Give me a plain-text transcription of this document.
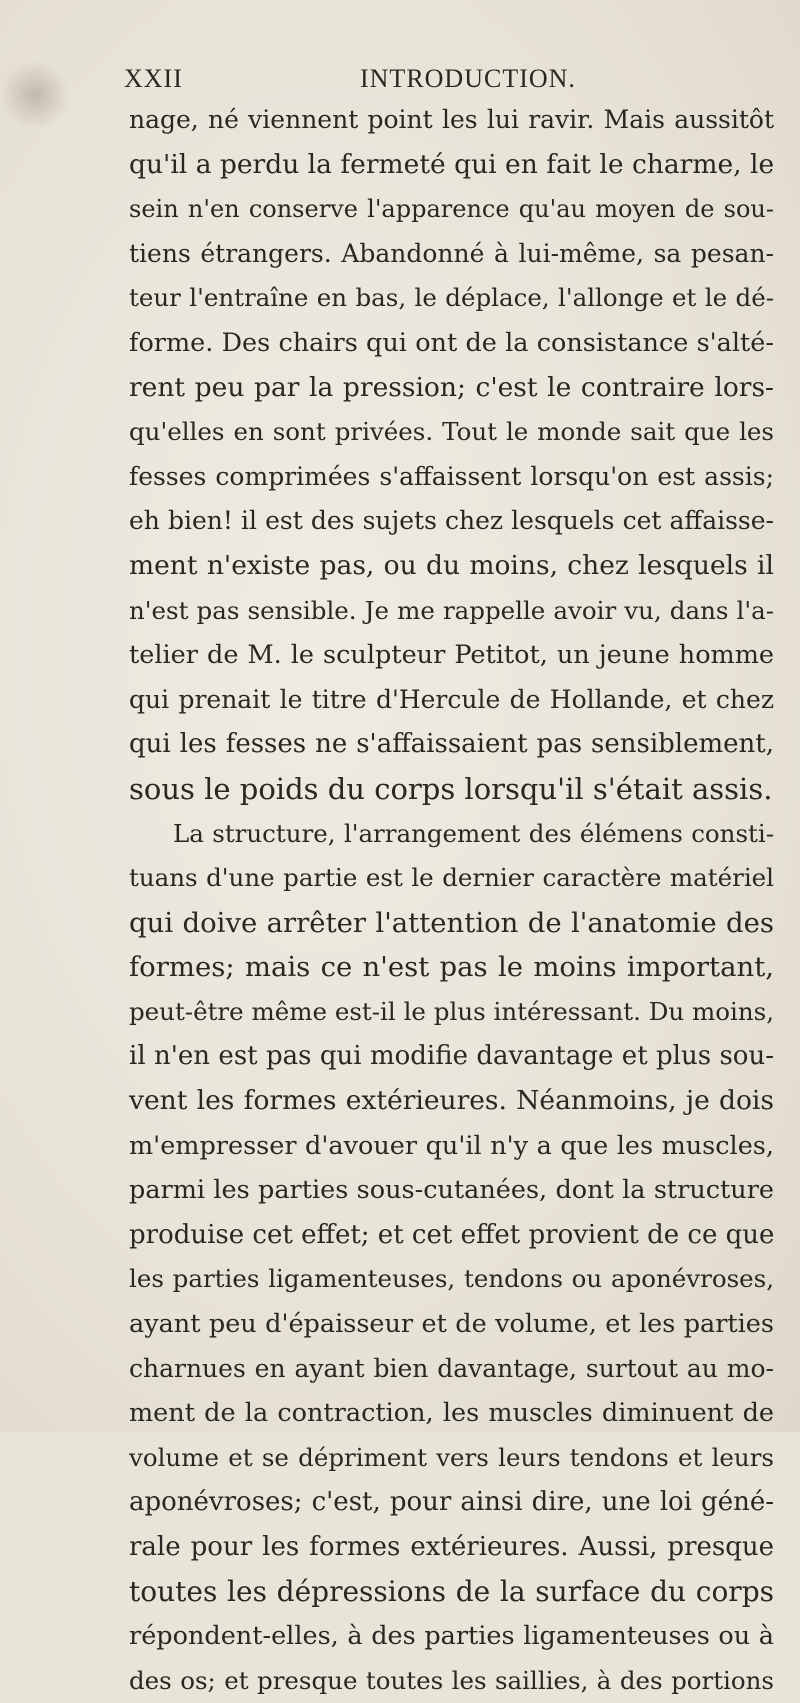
XXII	INTRODUCTION.
nage, né viennent point les lui ravir. Mais aussitôt
qu'il a perdu la fermeté qui en fait le charme, le
sein n'en conserve l'apparence qu'au moyen de sou-
tiens étrangers. Abandonné à lui-même, sa pesan-
teur l'entraîne en bas, le déplace, l'allonge et le dé-
forme. Des chairs qui ont de la consistance s'alté-
rent peu par la pression; c'est le contraire lors-
qu'elles en sont privées. Tout le monde sait que les
fesses comprimées s'affaissent lorsqu'on est assis;
eh bien! il est des sujets chez lesquels cet affaisse-
ment n'existe pas, ou du moins, chez lesquels il
n'est pas sensible. Je me rappelle avoir vu, dans l'a-
telier de M. le sculpteur Petitot, un jeune homme
qui prenait le titre d'Hercule de Hollande, et chez
qui les fesses ne s'affaissaient pas sensiblement,
sous le poids du corps lorsqu'il s'était assis.
La structure, l'arrangement des élémens consti-
tuans d'une partie est le dernier caractère matériel
qui doive arrêter l'attention de l'anatomie des
formes; mais ce n'est pas le moins important,
peut-être même est-il le plus intéressant. Du moins,
il n'en est pas qui modifie davantage et plus sou-
vent les formes extérieures. Néanmoins, je dois
m'empresser d'avouer qu'il n'y a que les muscles,
parmi les parties sous-cutanées, dont la structure
produise cet effet; et cet effet provient de ce que
les parties ligamenteuses, tendons ou aponévroses,
ayant peu d'épaisseur et de volume, et les parties
charnues en ayant bien davantage, surtout au mo-
ment de la contraction, les muscles diminuent de
volume et se dépriment vers leurs tendons et leurs
aponévroses; c'est, pour ainsi dire, une loi géné-
rale pour les formes extérieures. Aussi, presque
toutes les dépressions de la surface du corps
répondent-elles, à des parties ligamenteuses ou à
des os; et presque toutes les saillies, à des portions
